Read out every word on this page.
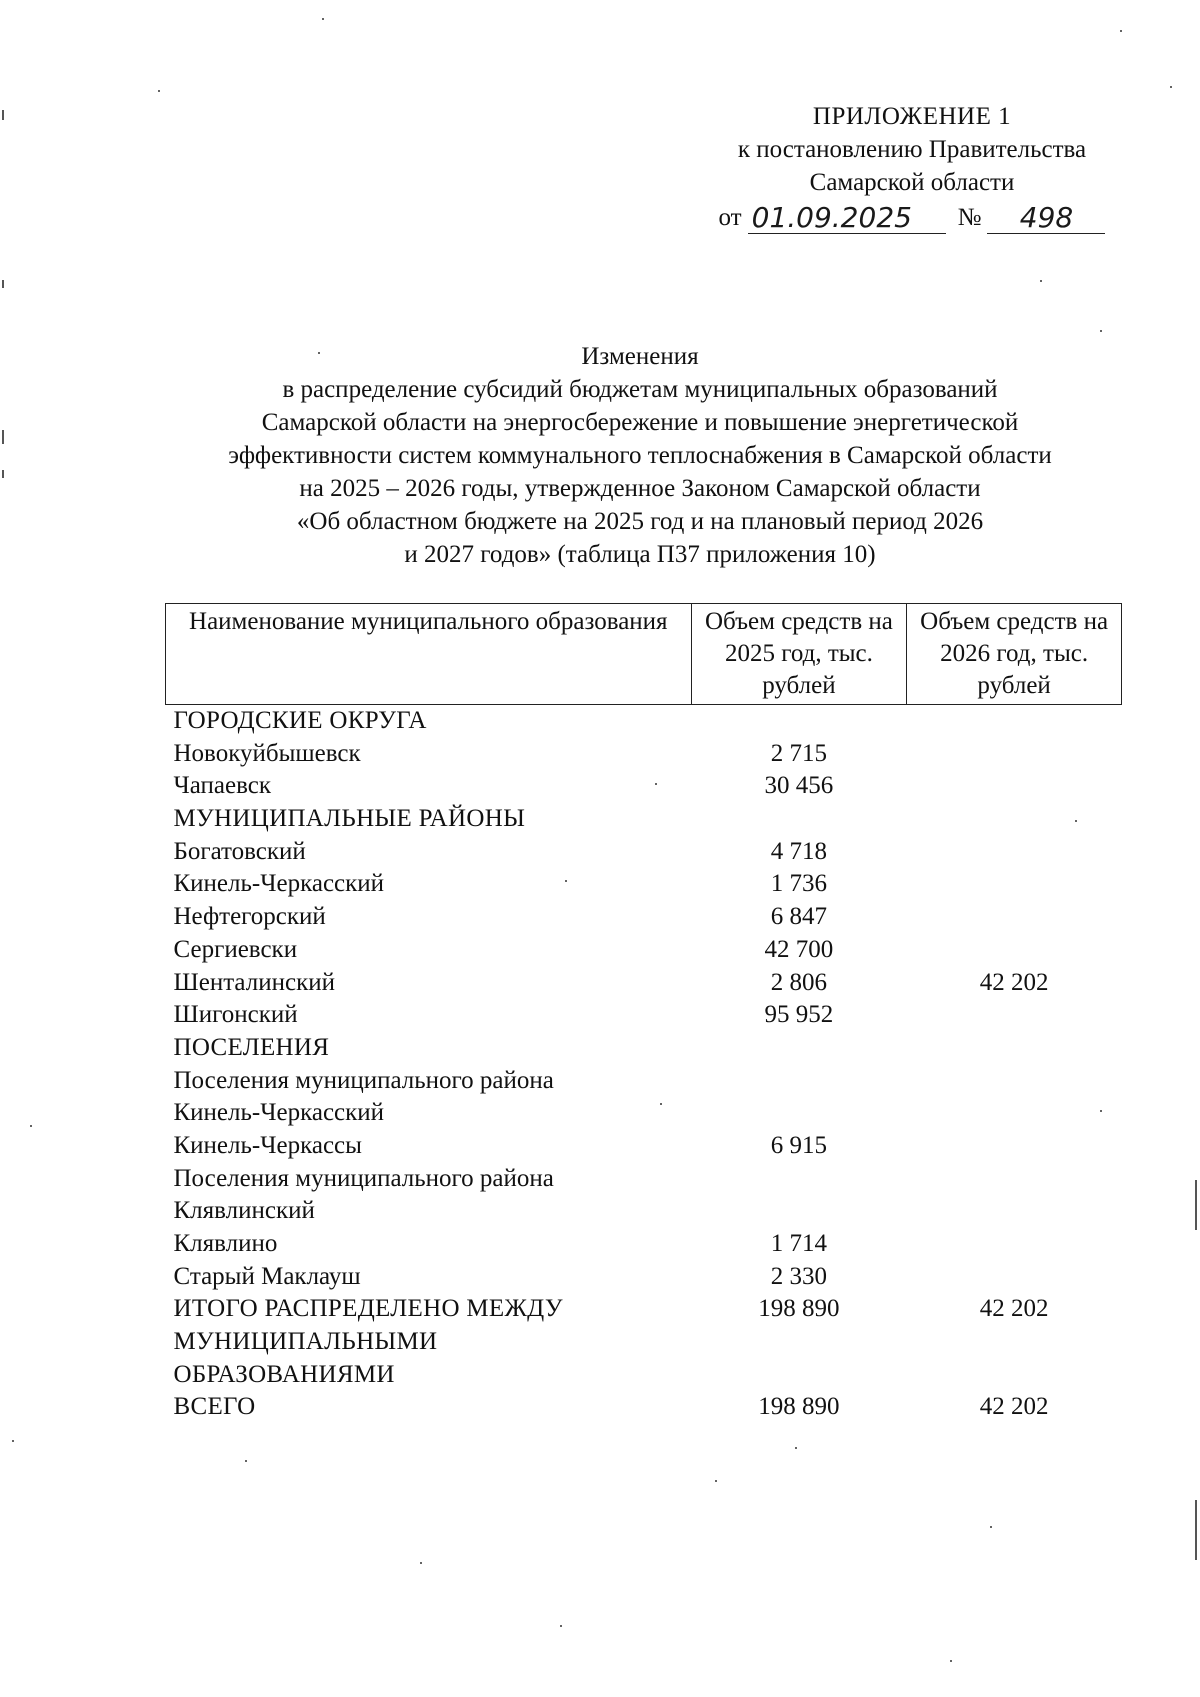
ПРИЛОЖЕНИЕ 1
к постановлению Правительства
Самарской области
от 01.09.2025	№	498
Изменения
в распределение субсидий бюджетам муниципальных образований
Самарской области на энергосбережение и повышение энергетической
эффективности систем коммунального теплоснабжения в Самарской области
на 2025 – 2026 годы, утвержденное Законом Самарской области
«Об областном бюджете на 2025 год и на плановый период 2026
и 2027 годов» (таблица П37 приложения 10)
Наименование муниципального образования	Объем средств на 2025 год, тыс. рублей	Объем средств на 2026 год, тыс. рублей
ГОРОДСКИЕ ОКРУГА		
Новокуйбышевск	2 715	
Чапаевск	30 456	
МУНИЦИПАЛЬНЫЕ РАЙОНЫ		
Богатовский	4 718	
Кинель-Черкасский	1 736	
Нефтегорский	6 847	
Сергиевски	42 700	
Шенталинский	2 806	42 202
Шигонский	95 952	
ПОСЕЛЕНИЯ		
Поселения муниципального района		
Кинель-Черкасский		
Кинель-Черкассы	6 915	
Поселения муниципального района		
Клявлинский		
Клявлино	1 714	
Старый Маклауш	2 330	
ИТОГО РАСПРЕДЕЛЕНО МЕЖДУ	198 890	42 202
МУНИЦИПАЛЬНЫМИ		
ОБРАЗОВАНИЯМИ		
ВСЕГО	198 890	42 202
